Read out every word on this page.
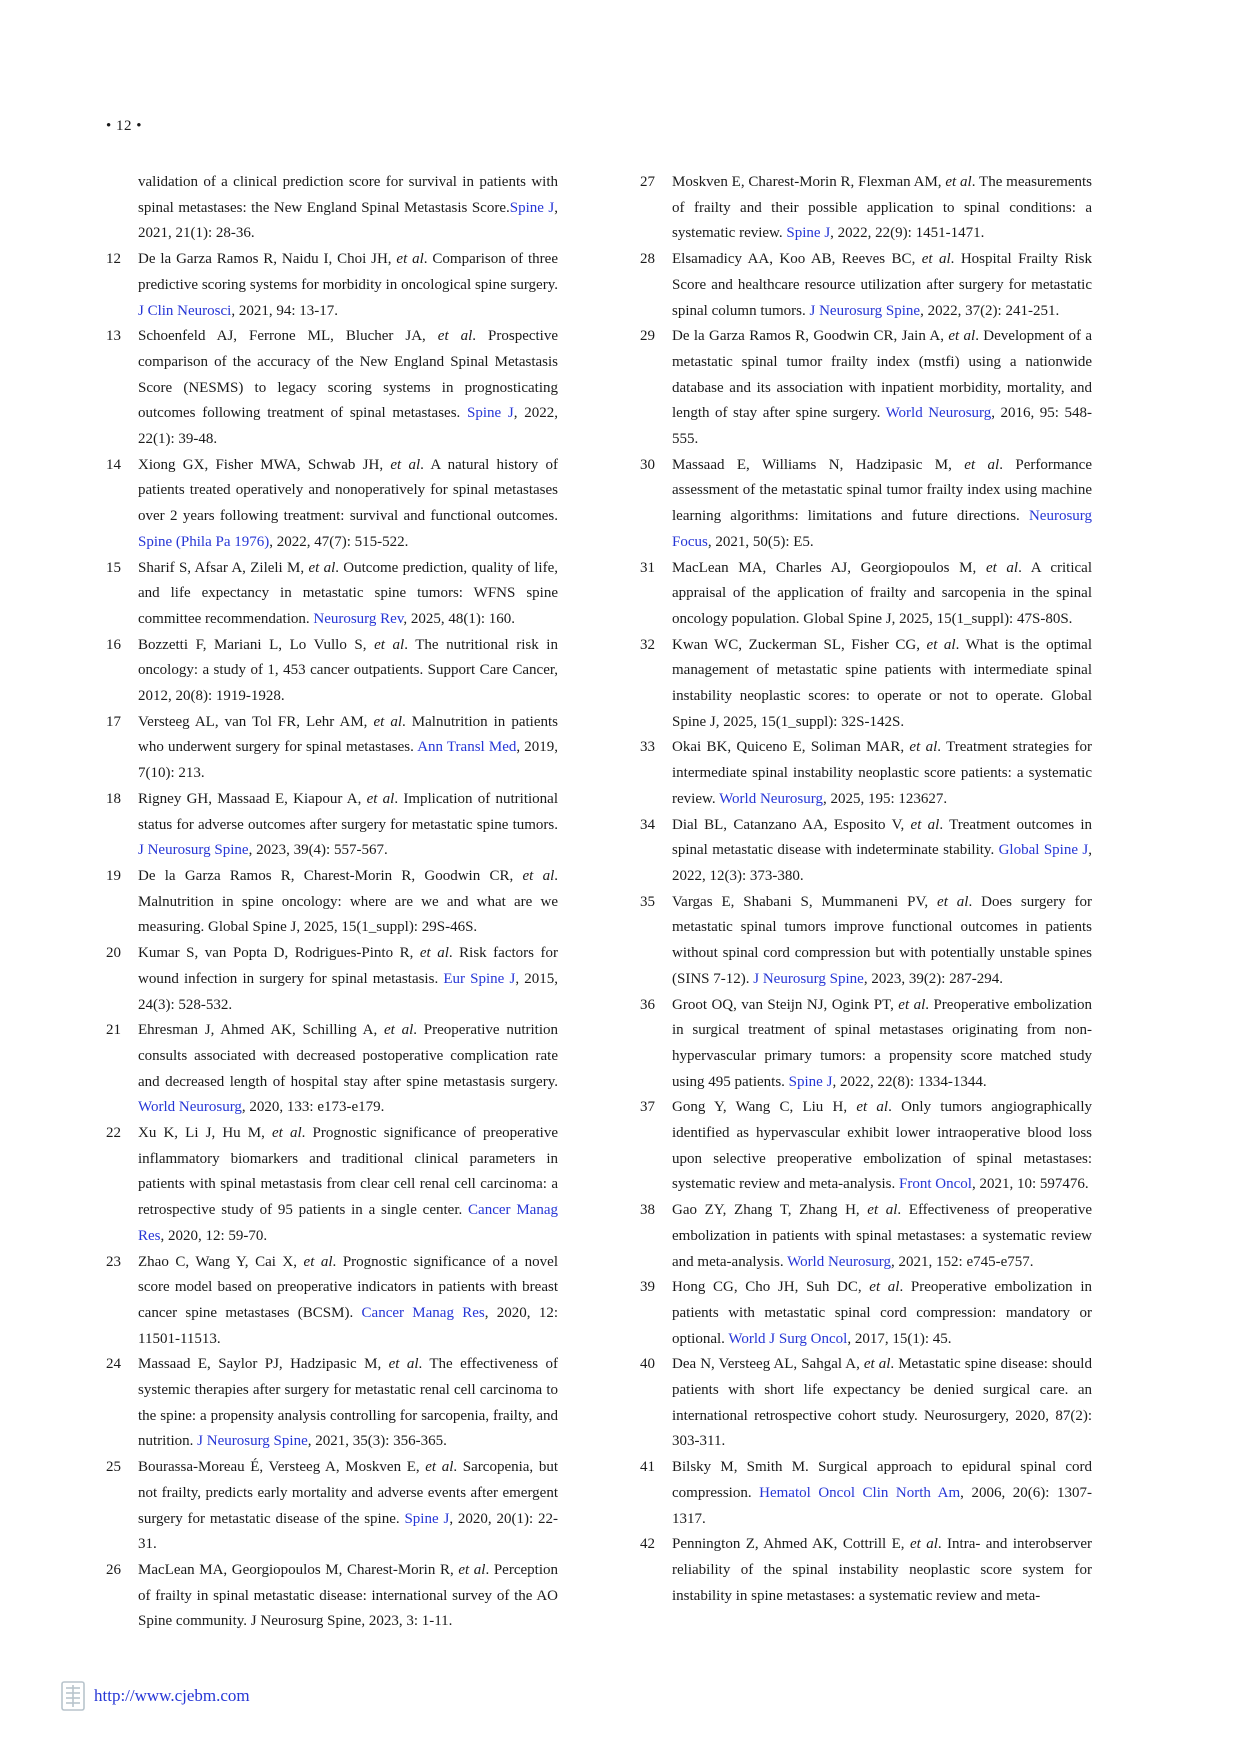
• 12 •

validation of a clinical prediction score for survival in patients with spinal metastases: the New England Spinal Metastasis Score.Spine J, 2021, 21(1): 28-36.

12 De la Garza Ramos R, Naidu I, Choi JH, et al. Comparison of three predictive scoring systems for morbidity in oncological spine surgery. J Clin Neurosci, 2021, 94: 13-17.

13 Schoenfeld AJ, Ferrone ML, Blucher JA, et al. Prospective comparison of the accuracy of the New England Spinal Metastasis Score (NESMS) to legacy scoring systems in prognosticating outcomes following treatment of spinal metastases. Spine J, 2022, 22(1): 39-48.

14 Xiong GX, Fisher MWA, Schwab JH, et al. A natural history of patients treated operatively and nonoperatively for spinal metastases over 2 years following treatment: survival and functional outcomes. Spine (Phila Pa 1976), 2022, 47(7): 515-522.

15 Sharif S, Afsar A, Zileli M, et al. Outcome prediction, quality of life, and life expectancy in metastatic spine tumors: WFNS spine committee recommendation. Neurosurg Rev, 2025, 48(1): 160.

16 Bozzetti F, Mariani L, Lo Vullo S, et al. The nutritional risk in oncology: a study of 1, 453 cancer outpatients. Support Care Cancer, 2012, 20(8): 1919-1928.

17 Versteeg AL, van Tol FR, Lehr AM, et al. Malnutrition in patients who underwent surgery for spinal metastases. Ann Transl Med, 2019, 7(10): 213.

18 Rigney GH, Massaad E, Kiapour A, et al. Implication of nutritional status for adverse outcomes after surgery for metastatic spine tumors. J Neurosurg Spine, 2023, 39(4): 557-567.

19 De la Garza Ramos R, Charest-Morin R, Goodwin CR, et al. Malnutrition in spine oncology: where are we and what are we measuring. Global Spine J, 2025, 15(1_suppl): 29S-46S.

20 Kumar S, van Popta D, Rodrigues-Pinto R, et al. Risk factors for wound infection in surgery for spinal metastasis. Eur Spine J, 2015, 24(3): 528-532.

21 Ehresman J, Ahmed AK, Schilling A, et al. Preoperative nutrition consults associated with decreased postoperative complication rate and decreased length of hospital stay after spine metastasis surgery. World Neurosurg, 2020, 133: e173-e179.

22 Xu K, Li J, Hu M, et al. Prognostic significance of preoperative inflammatory biomarkers and traditional clinical parameters in patients with spinal metastasis from clear cell renal cell carcinoma: a retrospective study of 95 patients in a single center. Cancer Manag Res, 2020, 12: 59-70.

23 Zhao C, Wang Y, Cai X, et al. Prognostic significance of a novel score model based on preoperative indicators in patients with breast cancer spine metastases (BCSM). Cancer Manag Res, 2020, 12: 11501-11513.

24 Massaad E, Saylor PJ, Hadzipasic M, et al. The effectiveness of systemic therapies after surgery for metastatic renal cell carcinoma to the spine: a propensity analysis controlling for sarcopenia, frailty, and nutrition. J Neurosurg Spine, 2021, 35(3): 356-365.

25 Bourassa-Moreau É, Versteeg A, Moskven E, et al. Sarcopenia, but not frailty, predicts early mortality and adverse events after emergent surgery for metastatic disease of the spine. Spine J, 2020, 20(1): 22-31.

26 MacLean MA, Georgiopoulos M, Charest-Morin R, et al. Perception of frailty in spinal metastatic disease: international survey of the AO Spine community. J Neurosurg Spine, 2023, 3: 1-11.

27 Moskven E, Charest-Morin R, Flexman AM, et al. The measurements of frailty and their possible application to spinal conditions: a systematic review. Spine J, 2022, 22(9): 1451-1471.

28 Elsamadicy AA, Koo AB, Reeves BC, et al. Hospital Frailty Risk Score and healthcare resource utilization after surgery for metastatic spinal column tumors. J Neurosurg Spine, 2022, 37(2): 241-251.

29 De la Garza Ramos R, Goodwin CR, Jain A, et al. Development of a metastatic spinal tumor frailty index (mstfi) using a nationwide database and its association with inpatient morbidity, mortality, and length of stay after spine surgery. World Neurosurg, 2016, 95: 548-555.

30 Massaad E, Williams N, Hadzipasic M, et al. Performance assessment of the metastatic spinal tumor frailty index using machine learning algorithms: limitations and future directions. Neurosurg Focus, 2021, 50(5): E5.

31 MacLean MA, Charles AJ, Georgiopoulos M, et al. A critical appraisal of the application of frailty and sarcopenia in the spinal oncology population. Global Spine J, 2025, 15(1_suppl): 47S-80S.

32 Kwan WC, Zuckerman SL, Fisher CG, et al. What is the optimal management of metastatic spine patients with intermediate spinal instability neoplastic scores: to operate or not to operate. Global Spine J, 2025, 15(1_suppl): 32S-142S.

33 Okai BK, Quiceno E, Soliman MAR, et al. Treatment strategies for intermediate spinal instability neoplastic score patients: a systematic review. World Neurosurg, 2025, 195: 123627.

34 Dial BL, Catanzano AA, Esposito V, et al. Treatment outcomes in spinal metastatic disease with indeterminate stability. Global Spine J, 2022, 12(3): 373-380.

35 Vargas E, Shabani S, Mummaneni PV, et al. Does surgery for metastatic spinal tumors improve functional outcomes in patients without spinal cord compression but with potentially unstable spines (SINS 7-12). J Neurosurg Spine, 2023, 39(2): 287-294.

36 Groot OQ, van Steijn NJ, Ogink PT, et al. Preoperative embolization in surgical treatment of spinal metastases originating from non-hypervascular primary tumors: a propensity score matched study using 495 patients. Spine J, 2022, 22(8): 1334-1344.

37 Gong Y, Wang C, Liu H, et al. Only tumors angiographically identified as hypervascular exhibit lower intraoperative blood loss upon selective preoperative embolization of spinal metastases: systematic review and meta-analysis. Front Oncol, 2021, 10: 597476.

38 Gao ZY, Zhang T, Zhang H, et al. Effectiveness of preoperative embolization in patients with spinal metastases: a systematic review and meta-analysis. World Neurosurg, 2021, 152: e745-e757.

39 Hong CG, Cho JH, Suh DC, et al. Preoperative embolization in patients with metastatic spinal cord compression: mandatory or optional. World J Surg Oncol, 2017, 15(1): 45.

40 Dea N, Versteeg AL, Sahgal A, et al. Metastatic spine disease: should patients with short life expectancy be denied surgical care. an international retrospective cohort study. Neurosurgery, 2020, 87(2): 303-311.

41 Bilsky M, Smith M. Surgical approach to epidural spinal cord compression. Hematol Oncol Clin North Am, 2006, 20(6): 1307-1317.

42 Pennington Z, Ahmed AK, Cottrill E, et al. Intra- and interobserver reliability of the spinal instability neoplastic score system for instability in spine metastases: a systematic review and meta-

http://www.cjebm.com
